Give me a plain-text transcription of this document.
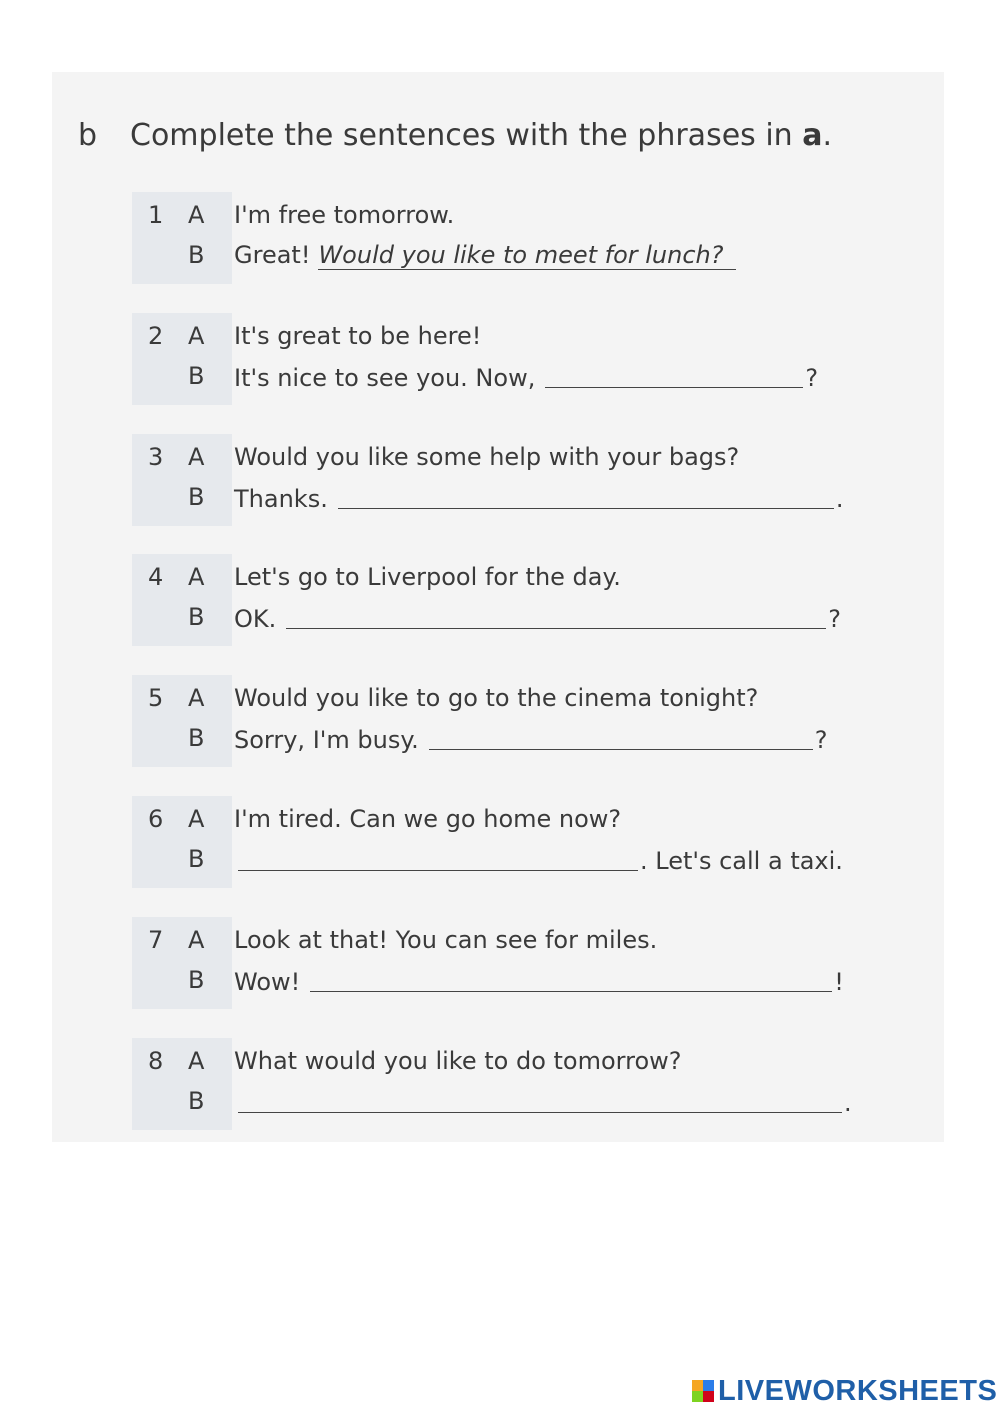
b Complete the sentences with the phrases in a.
1 A	I'm free tomorrow.
B	Great! Would you like to meet for lunch?
2 A	It's great to be here!
B	It's nice to see you. Now,	?
3 A	Would you like some help with your bags?
B	Thanks.	.
4 A	Let's go to Liverpool for the day.
B	OK.	?
5 A	Would you like to go to the cinema tonight?
B	Sorry, I'm busy.	?
6 A	I'm tired. Can we go home now?
B	. Let's call a taxi.
7 A	Look at that! You can see for miles.
B	Wow!	!
8 A	What would you like to do tomorrow?
B	.
LIVEWORKSHEETS
